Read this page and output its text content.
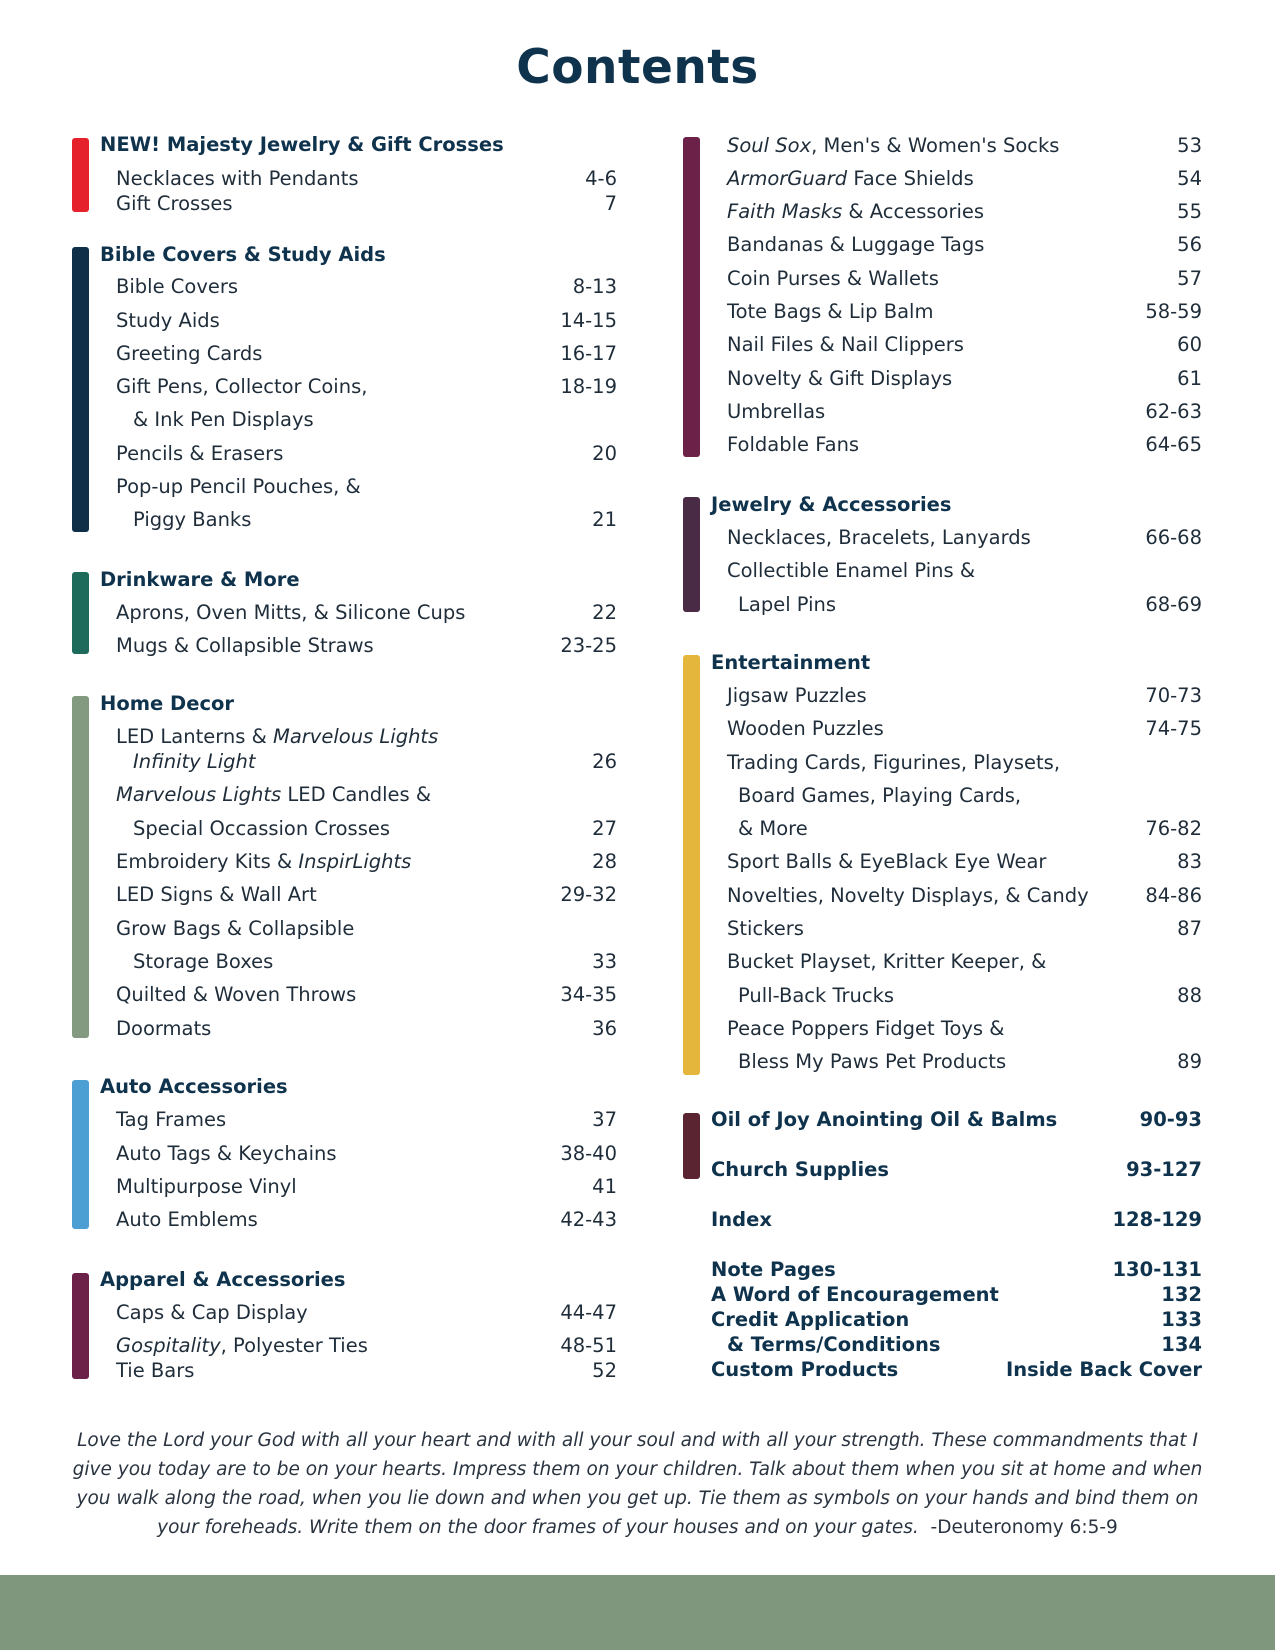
Contents
NEW! Majesty Jewelry & Gift Crosses
Necklaces with Pendants
Gift Crosses
4-6
7
Bible Covers & Study Aids
Bible Covers
Study Aids
Greeting Cards
Gift Pens, Collector Coins,
& Ink Pen Displays
Pencils & Erasers
Pop-up Pencil Pouches, &
Piggy Banks
8-13
14-15
16-17
18-19
20
21
Drinkware & More
Aprons, Oven Mitts, & Silicone Cups
Mugs & Collapsible Straws
22
23-25
Home Decor
LED Lanterns & Marvelous Lights
Infinity Light
Marvelous Lights LED Candles &
Special Occassion Crosses
Embroidery Kits & InspirLights
LED Signs & Wall Art
Grow Bags & Collapsible
Storage Boxes
Quilted & Woven Throws
Doormats
26
27
28
29-32
33
34-35
36
Auto Accessories
Tag Frames
Auto Tags & Keychains
Multipurpose Vinyl
Auto Emblems
37
38-40
41
42-43
Apparel & Accessories
Caps & Cap Display
Gospitality, Polyester Ties
Tie Bars
44-47
48-51
52
Soul Sox, Men's & Women's Socks
ArmorGuard Face Shields
Faith Masks & Accessories
Bandanas & Luggage Tags
Coin Purses & Wallets
Tote Bags & Lip Balm
Nail Files & Nail Clippers
Novelty & Gift Displays
Umbrellas
Foldable Fans
53
54
55
56
57
58-59
60
61
62-63
64-65
Jewelry & Accessories
Necklaces, Bracelets, Lanyards
Collectible Enamel Pins &
Lapel Pins
66-68
68-69
Entertainment
Jigsaw Puzzles
Wooden Puzzles
Trading Cards, Figurines, Playsets,
Board Games, Playing Cards,
& More
Sport Balls & EyeBlack Eye Wear
Novelties, Novelty Displays, & Candy
Stickers
Bucket Playset, Kritter Keeper, &
Pull-Back Trucks
Peace Poppers Fidget Toys &
Bless My Paws Pet Products
70-73
74-75
76-82
83
84-86
87
88
89
Oil of Joy Anointing Oil & Balms
Church Supplies
Index
Note Pages
A Word of Encouragement
Credit Application
& Terms/Conditions
Custom Products
90-93
93-127
128-129
130-131
132
133
134
Inside Back Cover
Love the Lord your God with all your heart and with all your soul and with all your strength. These commandments that I give you today are to be on your hearts. Impress them on your children. Talk about them when you sit at home and when you walk along the road, when you lie down and when you get up. Tie them as symbols on your hands and bind them on your foreheads. Write them on the door frames of your houses and on your gates. -Deuteronomy 6:5-9
